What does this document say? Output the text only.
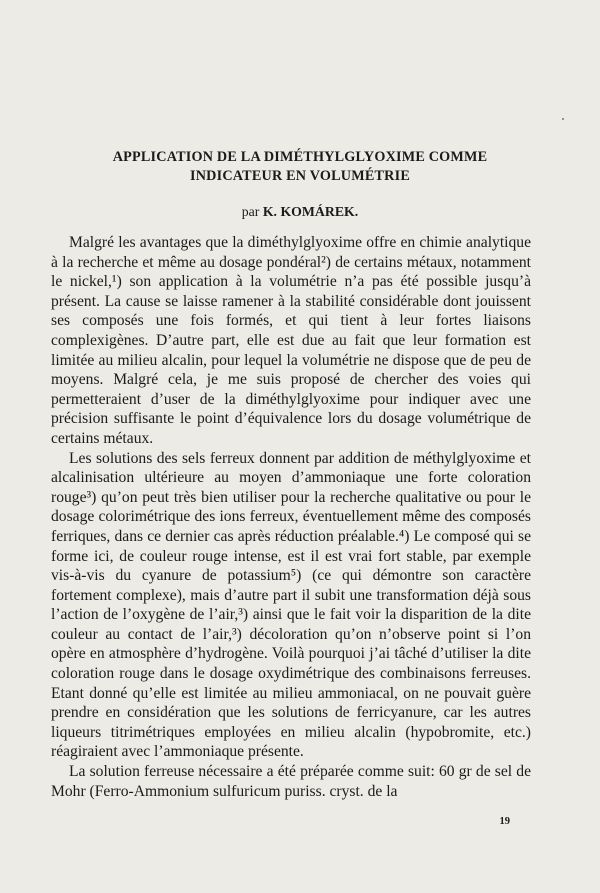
APPLICATION DE LA DIMÉTHYLGLYOXIME COMME
INDICATEUR EN VOLUMÉTRIE
par K. KOMÁREK.

Malgré les avantages que la diméthylglyoxime offre en chimie analytique à la recherche et même au dosage pondéral²) de certains métaux, notamment le nickel,¹) son application à la volumétrie n’a pas été possible jusqu’à présent. La cause se laisse ramener à la stabilité considérable dont jouissent ses composés une fois formés, et qui tient à leur fortes liaisons complexigènes. D’autre part, elle est due au fait que leur formation est limitée au milieu alcalin, pour lequel la volumétrie ne dispose que de peu de moyens. Malgré cela, je me suis proposé de chercher des voies qui permetteraient d’user de la diméthylglyoxime pour indiquer avec une précision suffisante le point d’équivalence lors du dosage volumétrique de certains métaux.

Les solutions des sels ferreux donnent par addition de méthylglyoxime et alcalinisation ultérieure au moyen d’ammoniaque une forte coloration rouge³) qu’on peut très bien utiliser pour la recherche qualitative ou pour le dosage colorimétrique des ions ferreux, éventuellement même des composés ferriques, dans ce dernier cas après réduction préalable.⁴) Le composé qui se forme ici, de couleur rouge intense, est il est vrai fort stable, par exemple vis-à-vis du cyanure de potassium⁵) (ce qui démontre son caractère fortement complexe), mais d’autre part il subit une transformation déjà sous l’action de l’oxygène de l’air,³) ainsi que le fait voir la disparition de la dite couleur au contact de l’air,³) décoloration qu’on n’observe point si l’on opère en atmosphère d’hydrogène. Voilà pourquoi j’ai tâché d’utiliser la dite coloration rouge dans le dosage oxydimétrique des combinaisons ferreuses. Etant donné qu’elle est limitée au milieu ammoniacal, on ne pouvait guère prendre en considération que les solutions de ferricyanure, car les autres liqueurs titrimétriques employées en milieu alcalin (hypobromite, etc.) réagiraient avec l’ammoniaque présente.

La solution ferreuse nécessaire a été préparée comme suit: 60 gr de sel de Mohr (Ferro-Ammonium sulfuricum puriss. cryst. de la

19
